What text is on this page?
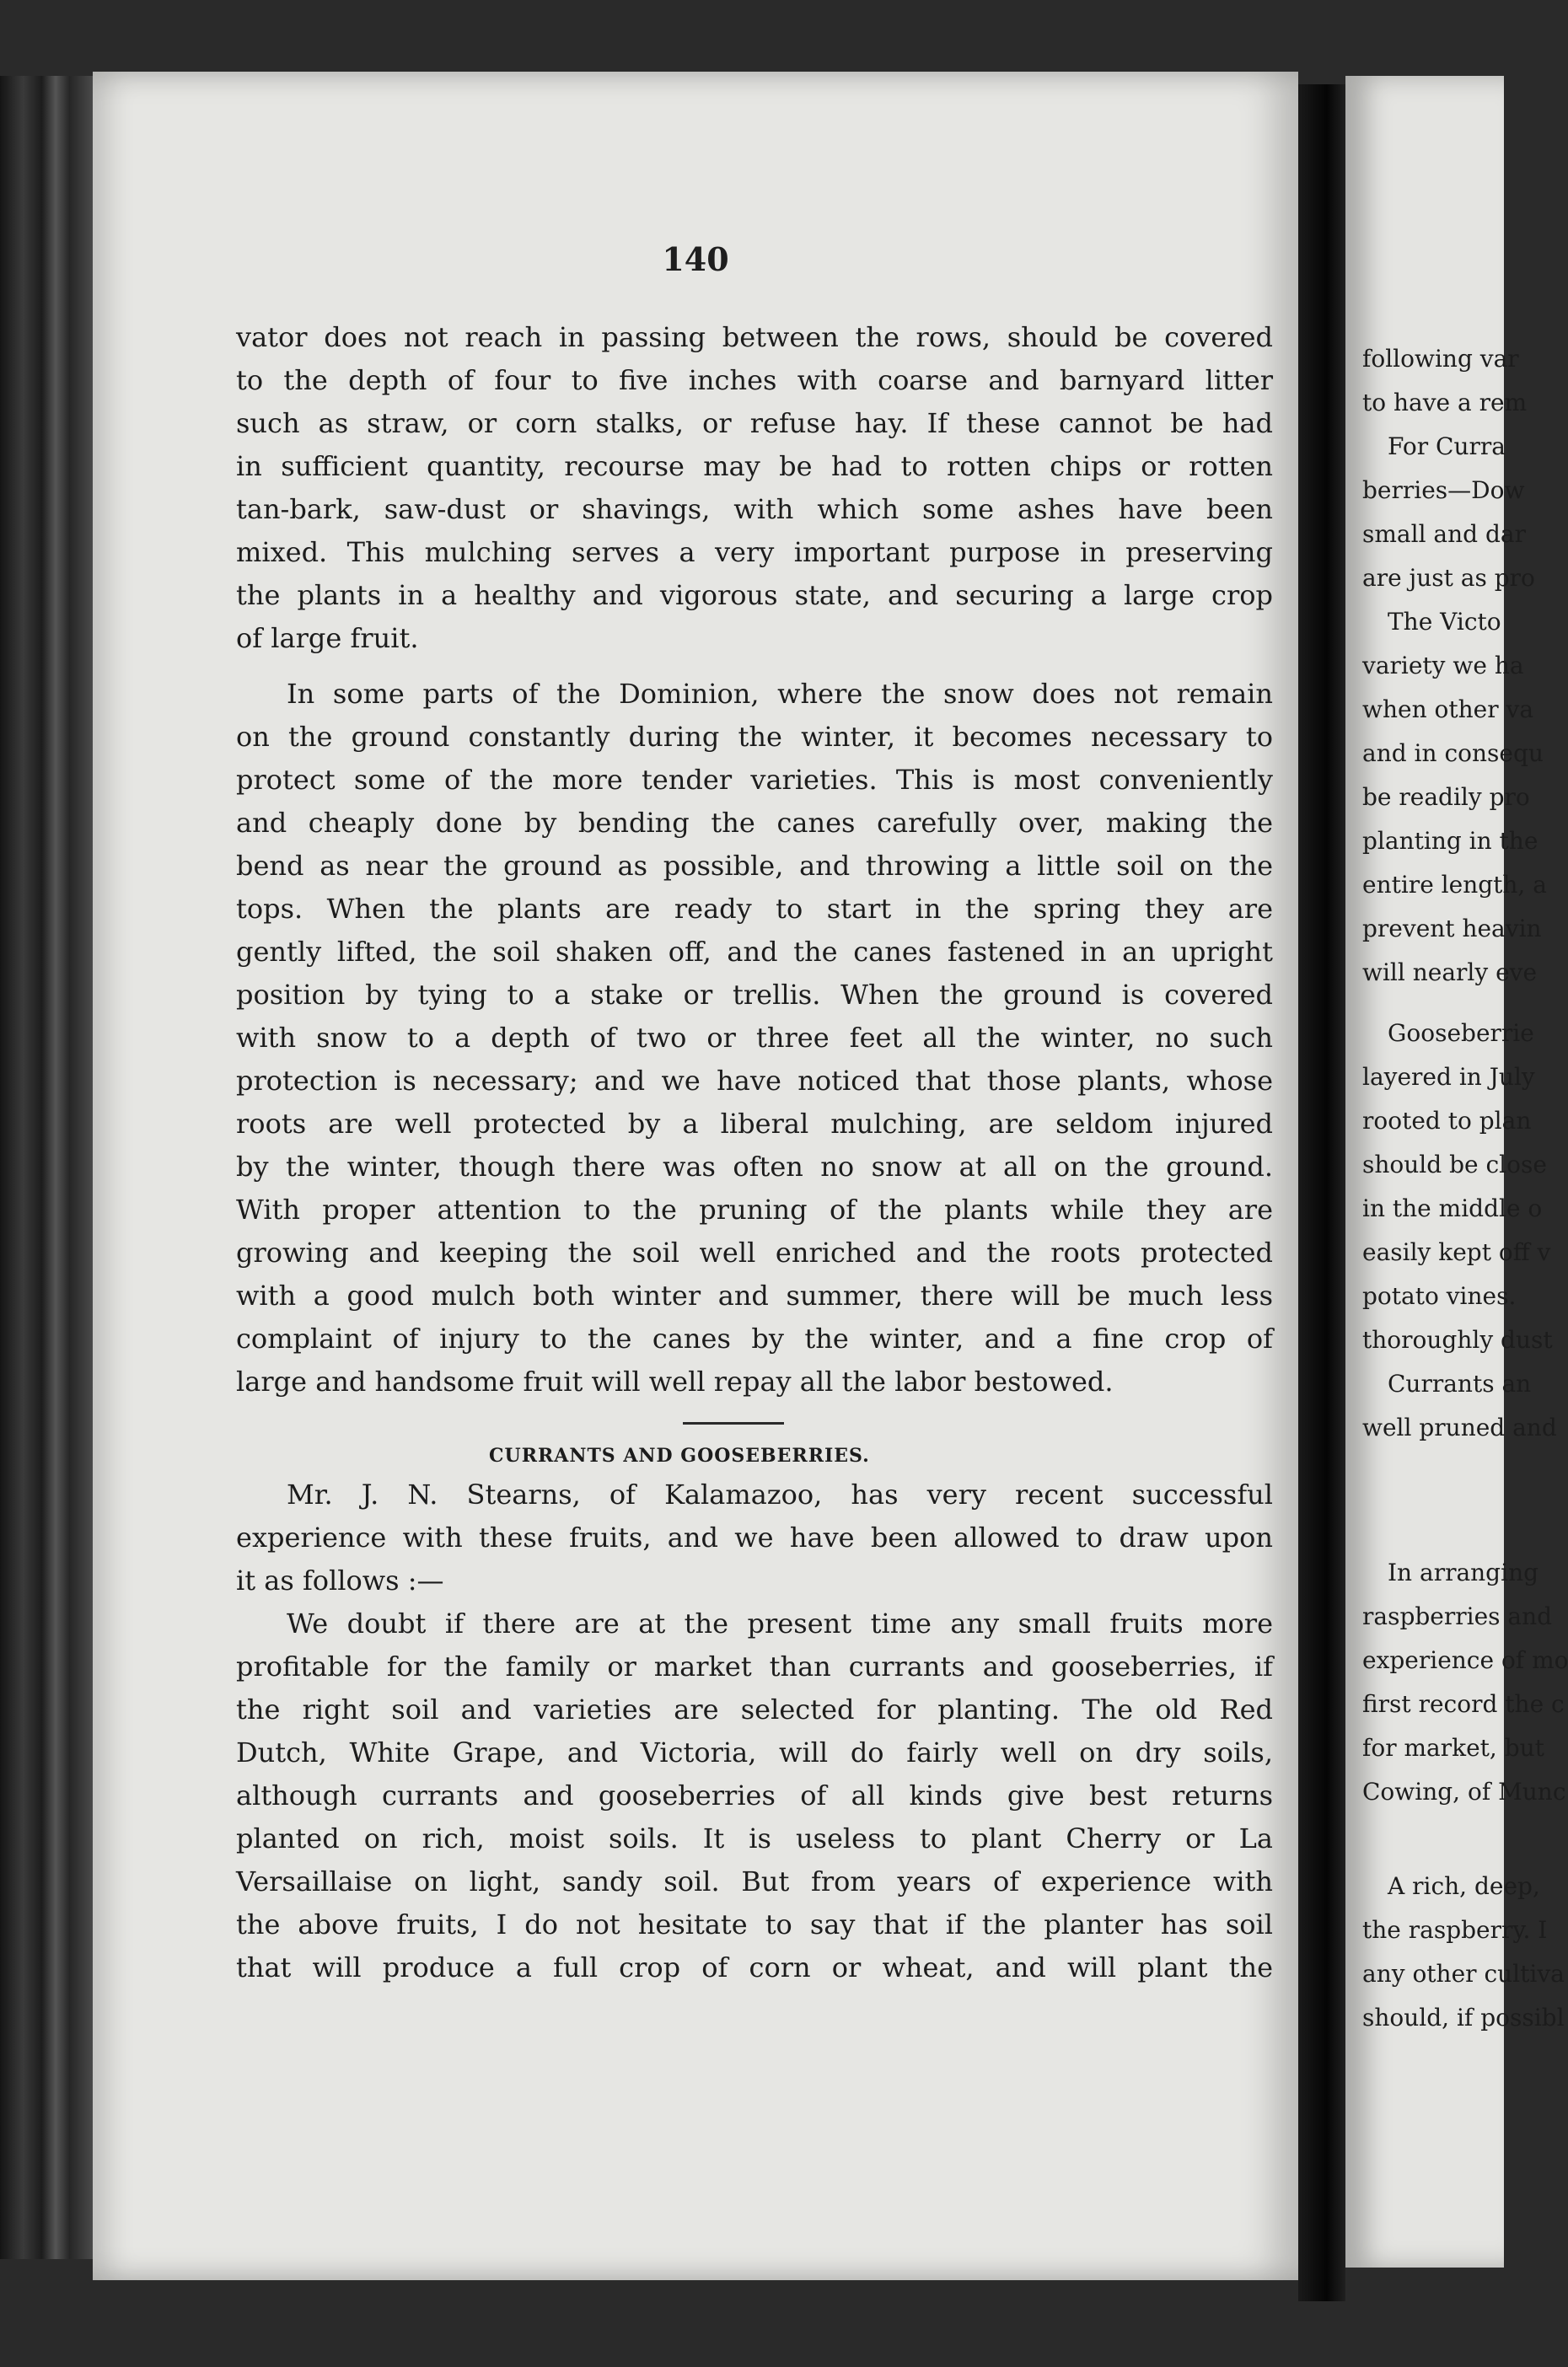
140
vator does not reach in passing between the rows, should be covered
to the depth of four to five inches with coarse and barnyard litter
such as straw, or corn stalks, or refuse hay. If these cannot be had
in sufficient quantity, recourse may be had to rotten chips or rotten
tan-bark, saw-dust or shavings, with which some ashes have been
mixed. This mulching serves a very important purpose in preserving
the plants in a healthy and vigorous state, and securing a large crop
of large fruit.
In some parts of the Dominion, where the snow does not remain
on the ground constantly during the winter, it becomes necessary to
protect some of the more tender varieties. This is most conveniently
and cheaply done by bending the canes carefully over, making the
bend as near the ground as possible, and throwing a little soil on the
tops. When the plants are ready to start in the spring they are
gently lifted, the soil shaken off, and the canes fastened in an upright
position by tying to a stake or trellis. When the ground is covered
with snow to a depth of two or three feet all the winter, no such
protection is necessary; and we have noticed that those plants, whose
roots are well protected by a liberal mulching, are seldom injured
by the winter, though there was often no snow at all on the ground.
With proper attention to the pruning of the plants while they are
growing and keeping the soil well enriched and the roots protected
with a good mulch both winter and summer, there will be much less
complaint of injury to the canes by the winter, and a fine crop of
large and handsome fruit will well repay all the labor bestowed.
CURRANTS AND GOOSEBERRIES.
Mr. J. N. Stearns, of Kalamazoo, has very recent successful
experience with these fruits, and we have been allowed to draw upon
it as follows :—
We doubt if there are at the present time any small fruits more
profitable for the family or market than currants and gooseberries, if
the right soil and varieties are selected for planting. The old Red
Dutch, White Grape, and Victoria, will do fairly well on dry soils,
although currants and gooseberries of all kinds give best returns
planted on rich, moist soils. It is useless to plant Cherry or La
Versaillaise on light, sandy soil. But from years of experience with
the above fruits, I do not hesitate to say that if the planter has soil
that will produce a full crop of corn or wheat, and will plant the
following var
to have a rem
For Curra
berries—Dow
small and dar
are just as pro
The Victo
variety we ha
when other va
and in consequ
be readily pro
planting in the
entire length, a
prevent heavin
will nearly eve
Gooseberrie
layered in July
rooted to plan
should be close
in the middle o
easily kept off v
potato vines.
thoroughly dust
Currants an
well pruned and
In arranging
raspberries and
experience of mo
first record the c
for market, but
Cowing, of Munc
A rich, deep,
the raspberry. I
any other cultiva
should, if possibl
